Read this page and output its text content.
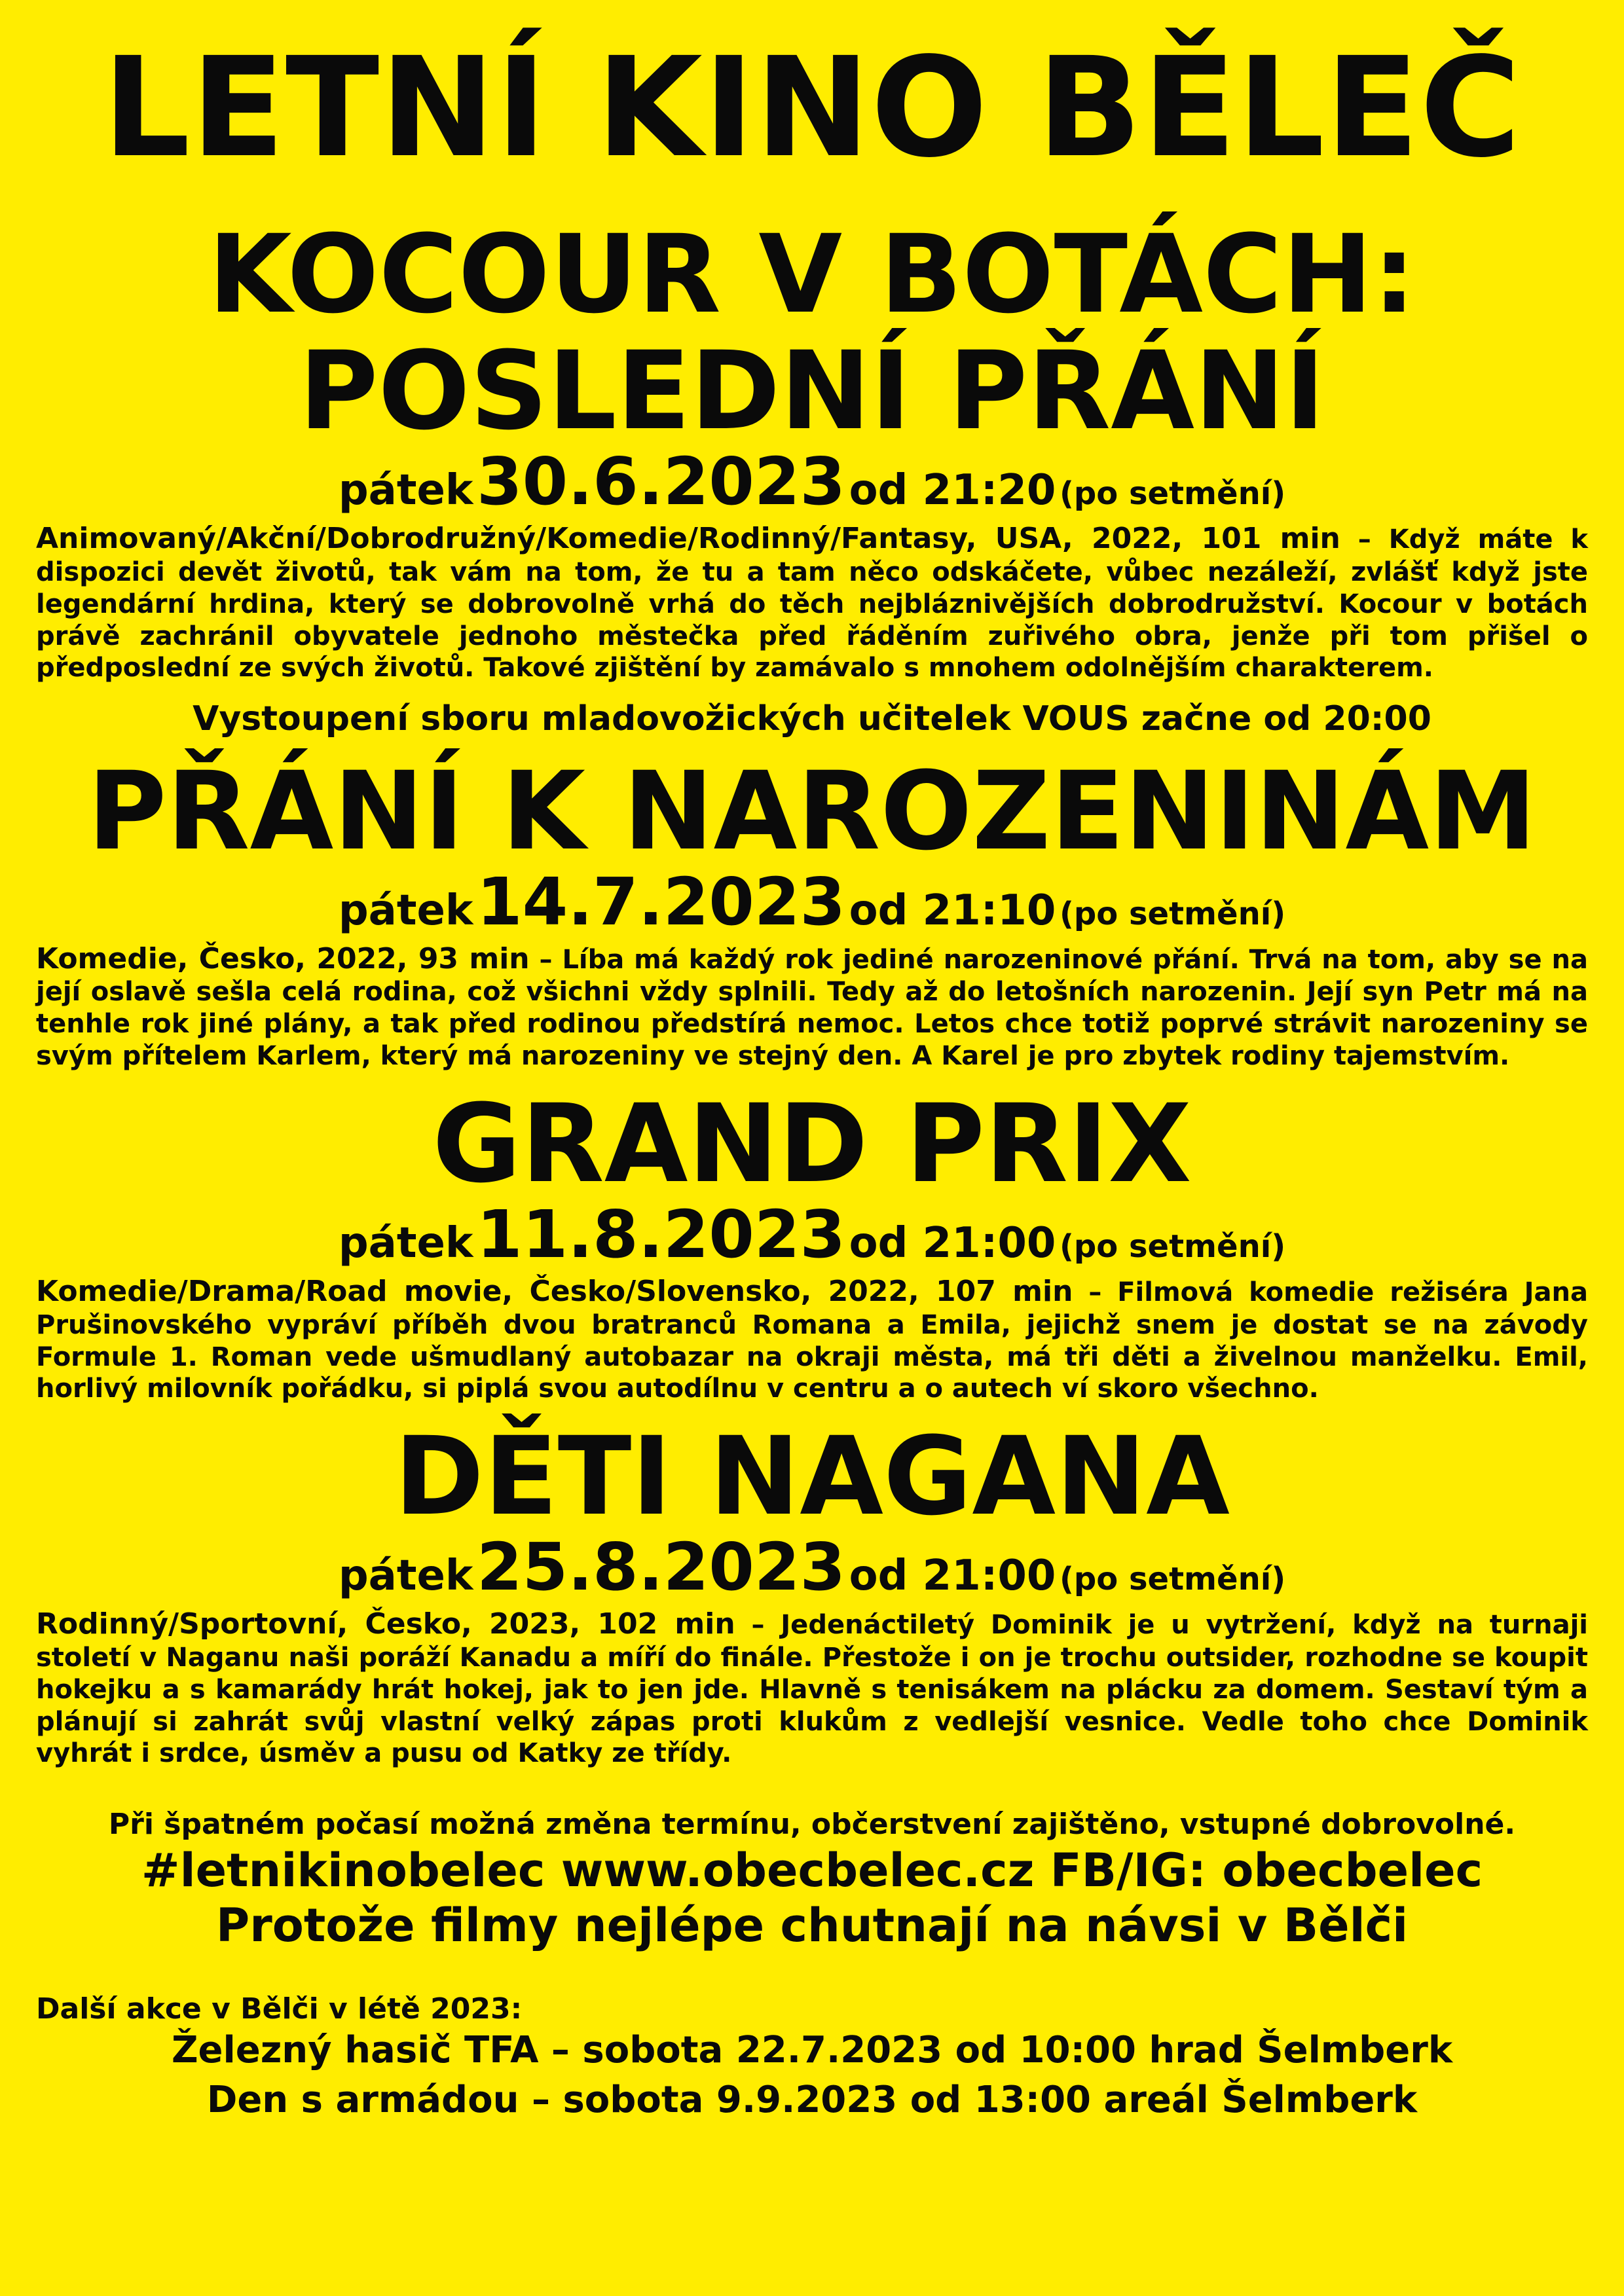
LETNÍ KINO BĚLEČ
KOCOUR V BOTÁCH:
POSLEDNÍ PŘÁNÍ

pátek 30.6.2023 od 21:20 (po setmění)

Animovaný/Akční/Dobrodružný/Komedie/Rodinný/Fantasy, USA, 2022, 101 min – Když máte k dispozici devět životů, tak vám na tom, že tu a tam něco odskáčete, vůbec nezáleží, zvlášť když jste legendární hrdina, který se dobrovolně vrhá do těch nejbláznivějších dobrodružství. Kocour v botách právě zachránil obyvatele jednoho městečka před řáděním zuřivého obra, jenže při tom přišel o předposlední ze svých životů. Takové zjištění by zamávalo s mnohem odolnějším charakterem.

Vystoupení sboru mladovožických učitelek VOUS začne od 20:00

PŘÁNÍ K NAROZENINÁM

pátek 14.7.2023 od 21:10 (po setmění)

Komedie, Česko, 2022, 93 min – Líba má každý rok jediné narozeninové přání. Trvá na tom, aby se na její oslavě sešla celá rodina, což všichni vždy splnili. Tedy až do letošních narozenin. Její syn Petr má na tenhle rok jiné plány, a tak před rodinou předstírá nemoc. Letos chce totiž poprvé strávit narozeniny se svým přítelem Karlem, který má narozeniny ve stejný den. A Karel je pro zbytek rodiny tajemstvím.

GRAND PRIX

pátek 11.8.2023 od 21:00 (po setmění)

Komedie/Drama/Road movie, Česko/Slovensko, 2022, 107 min – Filmová komedie režiséra Jana Prušinovského vypráví příběh dvou bratranců Romana a Emila, jejichž snem je dostat se na závody Formule 1. Roman vede ušmudlaný autobazar na okraji města, má tři děti a živelnou manželku. Emil, horlivý milovník pořádku, si piplá svou autodílnu v centru a o autech ví skoro všechno.

DĚTI NAGANA

pátek 25.8.2023 od 21:00 (po setmění)

Rodinný/Sportovní, Česko, 2023, 102 min – Jedenáctiletý Dominik je u vytržení, když na turnaji století v Naganu naši poráží Kanadu a míří do finále. Přestože i on je trochu outsider, rozhodne se koupit hokejku a s kamarády hrát hokej, jak to jen jde. Hlavně s tenisákem na plácku za domem. Sestaví tým a plánují si zahrát svůj vlastní velký zápas proti klukům z vedlejší vesnice. Vedle toho chce Dominik vyhrát i srdce, úsměv a pusu od Katky ze třídy.

Při špatném počasí možná změna termínu, občerstvení zajištěno, vstupné dobrovolné.

#letnikinobelec www.obecbelec.cz FB/IG: obecbelec

Protože filmy nejlépe chutnají na návsi v Bělči

Další akce v Bělči v létě 2023:

Železný hasič TFA – sobota 22.7.2023 od 10:00 hrad Šelmberk

Den s armádou – sobota 9.9.2023 od 13:00 areál Šelmberk
